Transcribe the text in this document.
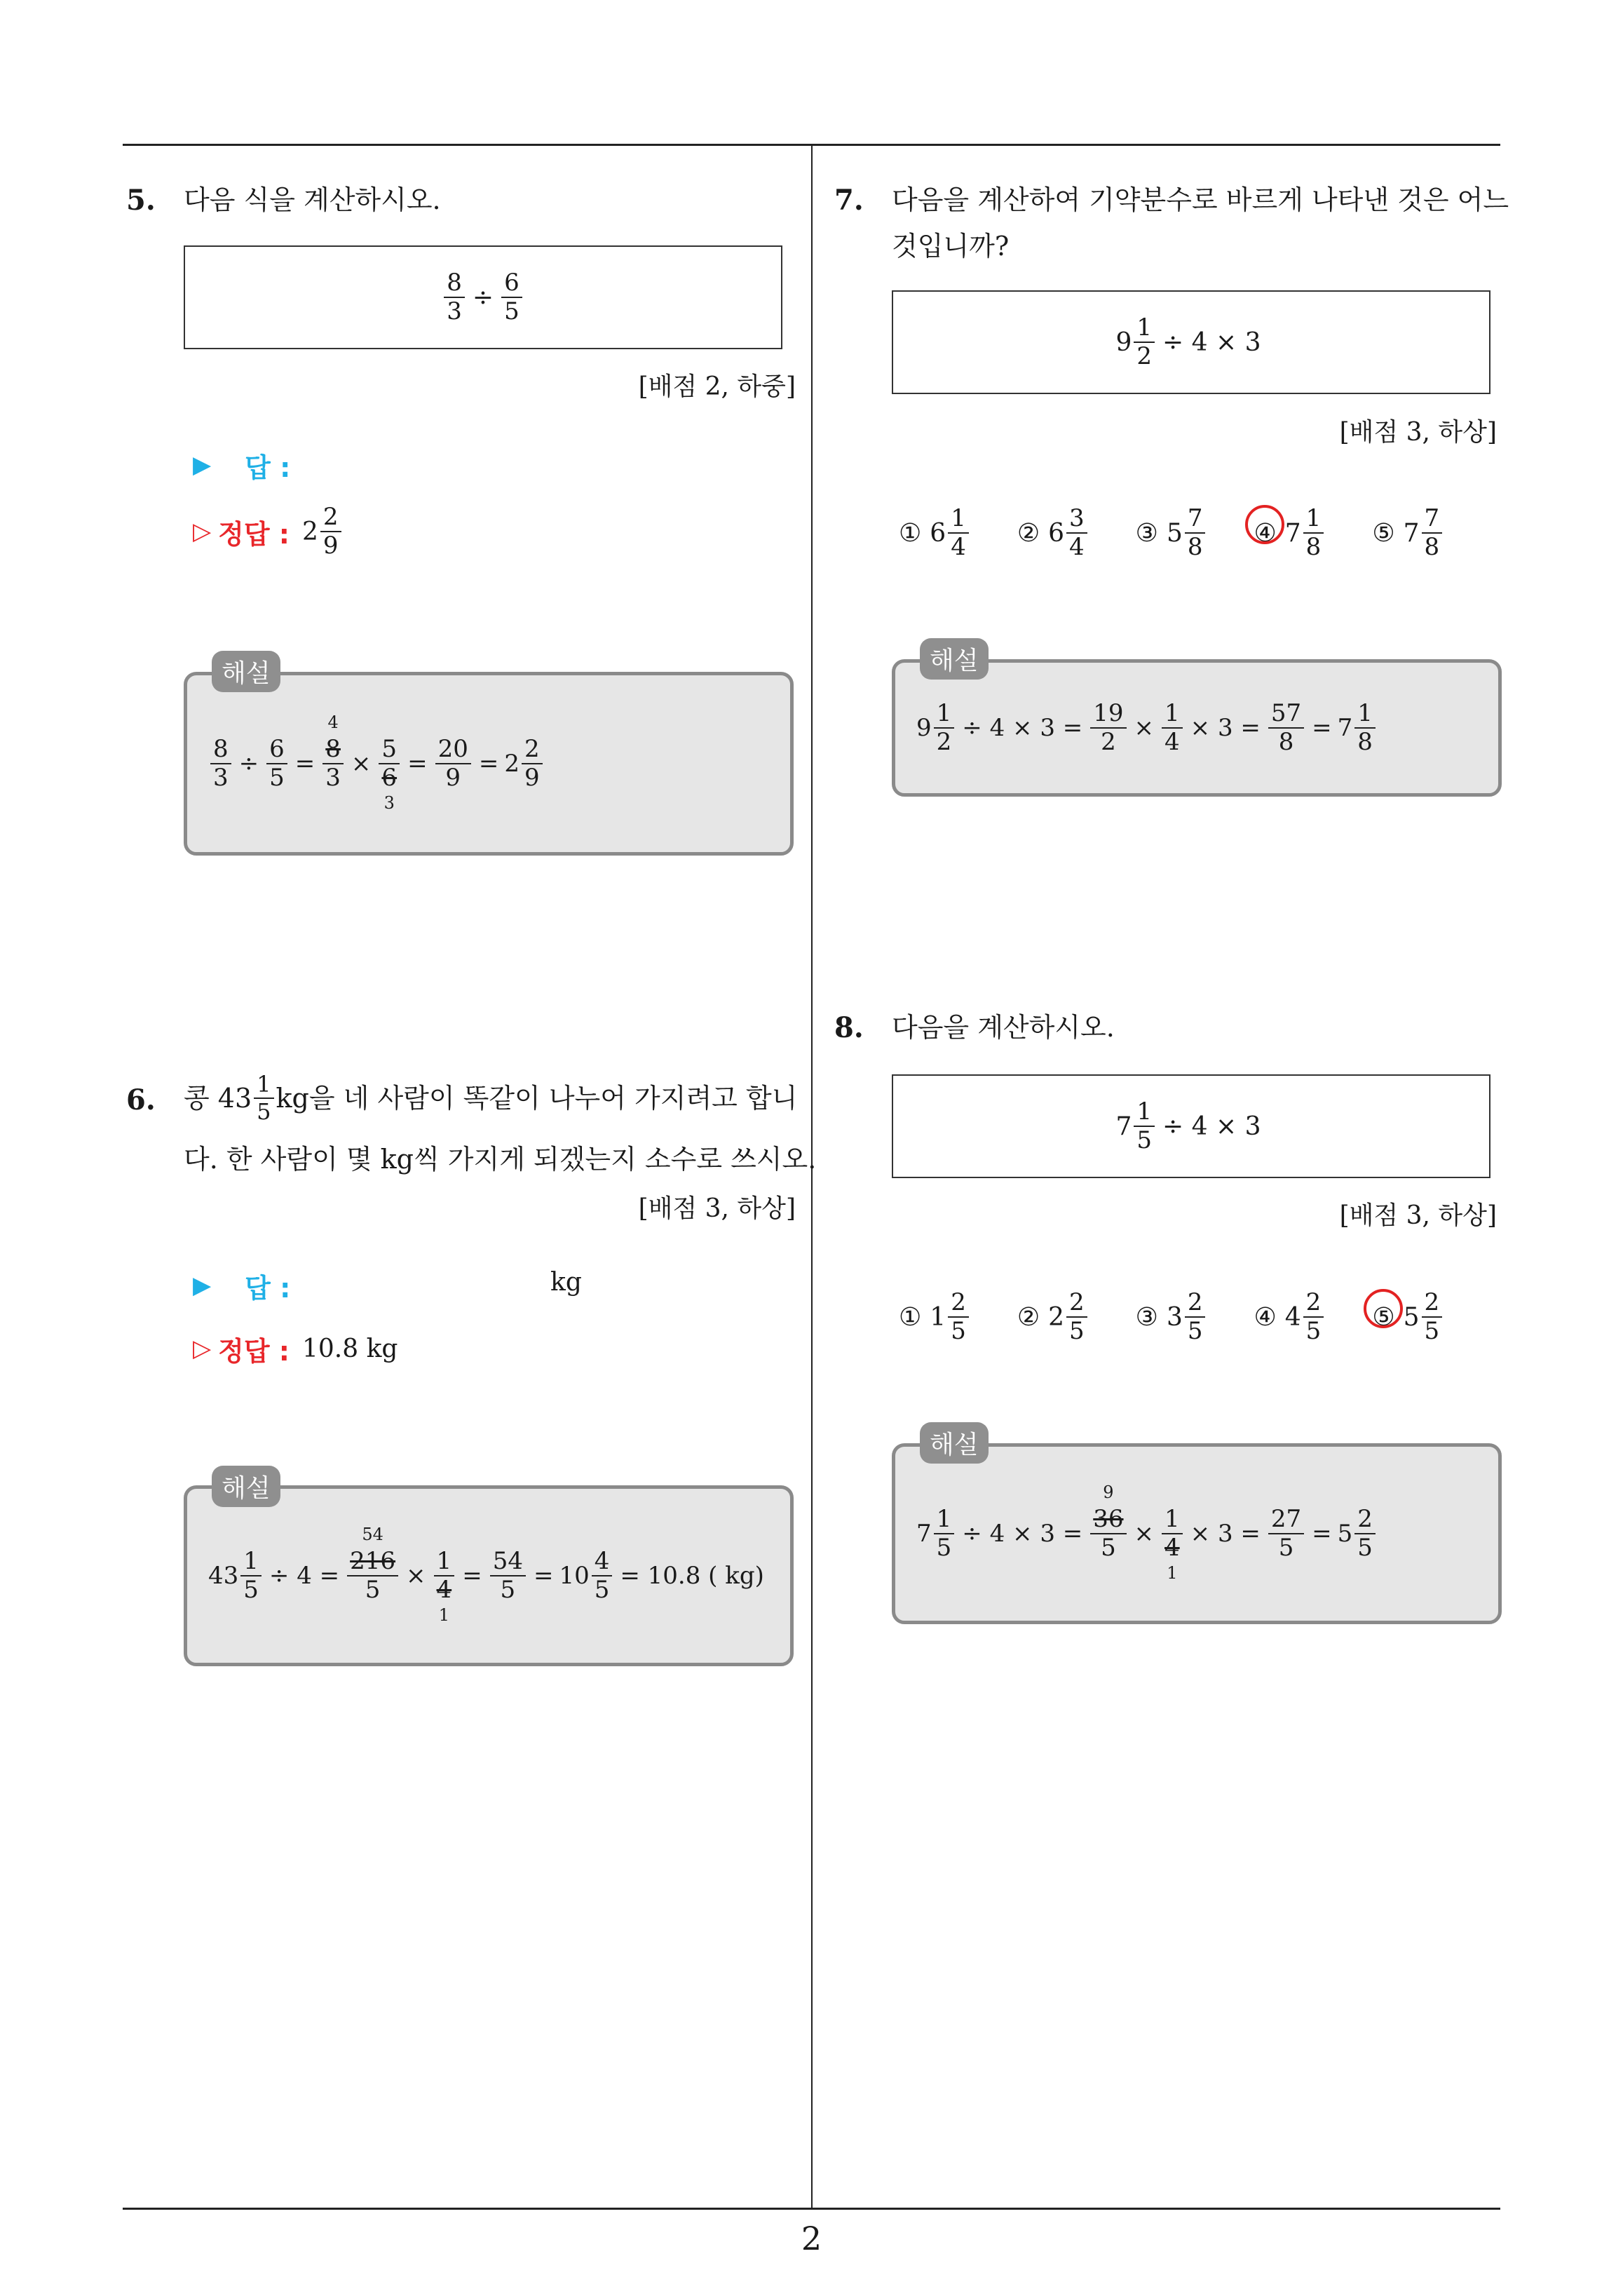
2
5. 다음 식을 계산하시오.
$\frac{8}{3} \div \frac{6}{5}$
[배점 2, 하중]
▶ 답 :
▷ 정답 : 2
2
9
$\frac{8}{3} \div \frac{6}{5} = 8$
4
3 × 5
6
$3 = \frac{20}{9} = 2$
2
9
해설
6. 콩 43 1
5 kg을 네 사람이 똑같이 나누어 가지려고 합니
다. 한 사람이 몇 kg씩 가지게 되겠는지 소수로 쓰시오.
[배점 3, 하상]
▶ 답 :	kg
▷ 정답 : 10.8 kg
$43 \frac{1}{5} \div 4 = 216$
54
5 × 1
4
$1 = \frac{54}{5} = 10 \frac{4}{5} = 10.8$ ( kg)
해설
7. 다음을 계산하여 기약분수로 바르게 나타낸 것은 어느
것입니까?
$9 \frac{1}{2} \div 4 \times 3$
[배점 3, 하상]
① 6
1
4 ② 6
3
4 ③ 5
7
8 ④ 7
1
8 ⑤ 7
7
8
$9 \frac{1}{2} \div 4 \times 3 = \frac{19}{2} \times \frac{1}{4} \times 3 = \frac{57}{8} = 7$
1
8
해설
8. 다음을 계산하시오.
$7 \frac{1}{5} \div 4 \times 3$
[배점 3, 하상]
① 1
2
5 ② 2
2
5 ③ 3
2
5 ④ 4
2
5 ⑤ 5
2
5
$7 \frac{1}{5} \div 4 \times 3 = 36$
9
5 × 1
4
$1 \times 3 = \frac{27}{5} = 5$
2
5
해설
